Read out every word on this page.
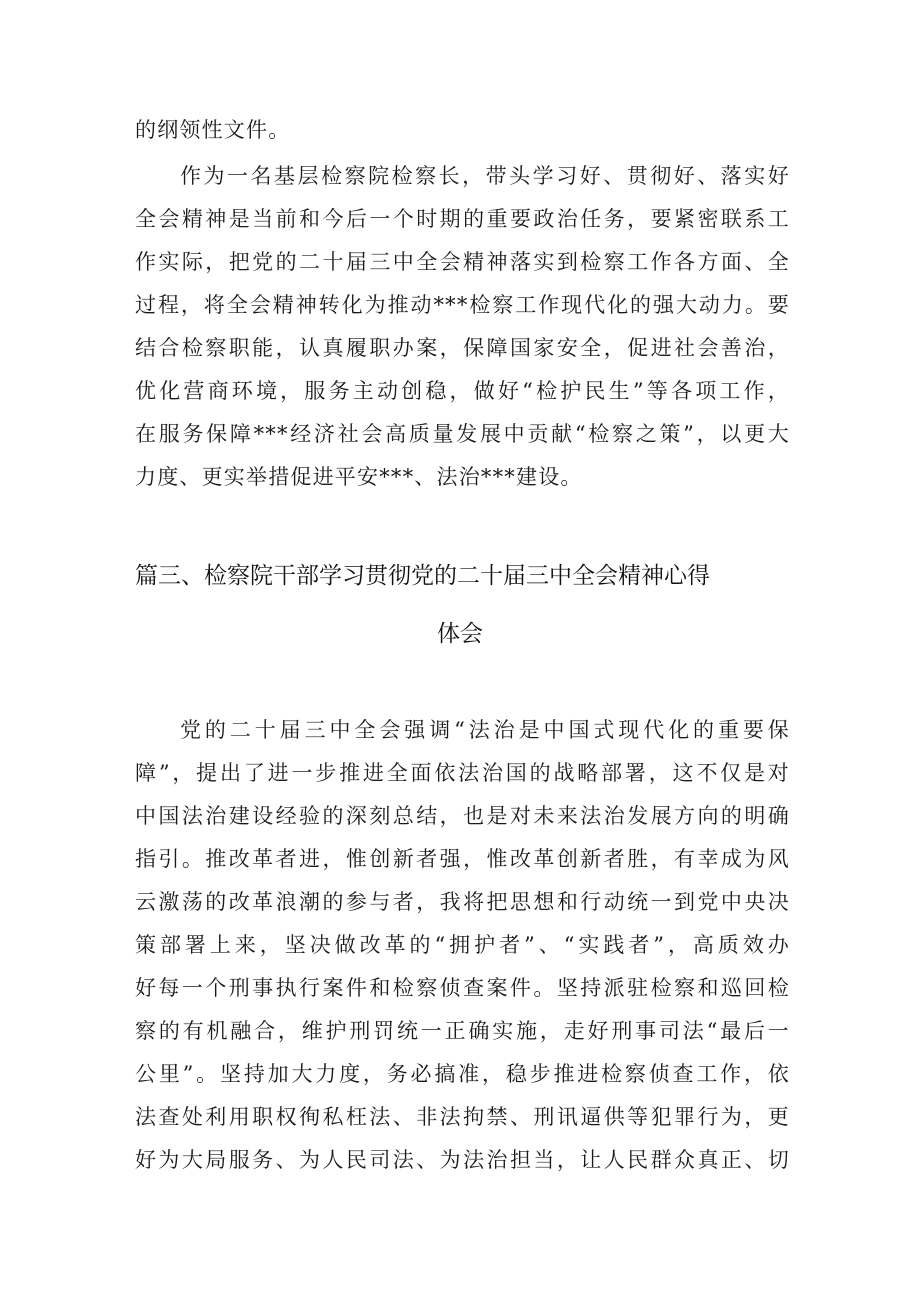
的纲领性文件。
作为一名基层检察院检察长，带头学习好、贯彻好、落实好
全会精神是当前和今后一个时期的重要政治任务，要紧密联系工
作实际，把党的二十届三中全会精神落实到检察工作各方面、全
过程，将全会精神转化为推动***检察工作现代化的强大动力。要
结合检察职能，认真履职办案，保障国家安全，促进社会善治，
优化营商环境，服务主动创稳，做好“检护民生”等各项工作，
在服务保障***经济社会高质量发展中贡献“检察之策”，以更大
力度、更实举措促进平安***、法治***建设。
篇三、检察院干部学习贯彻党的二十届三中全会精神心得
体会
党的二十届三中全会强调“法治是中国式现代化的重要保
障”，提出了进一步推进全面依法治国的战略部署，这不仅是对
中国法治建设经验的深刻总结，也是对未来法治发展方向的明确
指引。推改革者进，惟创新者强，惟改革创新者胜，有幸成为风
云激荡的改革浪潮的参与者，我将把思想和行动统一到党中央决
策部署上来，坚决做改革的“拥护者”、“实践者”，高质效办
好每一个刑事执行案件和检察侦查案件。坚持派驻检察和巡回检
察的有机融合，维护刑罚统一正确实施，走好刑事司法“最后一
公里”。坚持加大力度，务必搞准，稳步推进检察侦查工作，依
法查处利用职权徇私枉法、非法拘禁、刑讯逼供等犯罪行为，更
好为大局服务、为人民司法、为法治担当，让人民群众真正、切
